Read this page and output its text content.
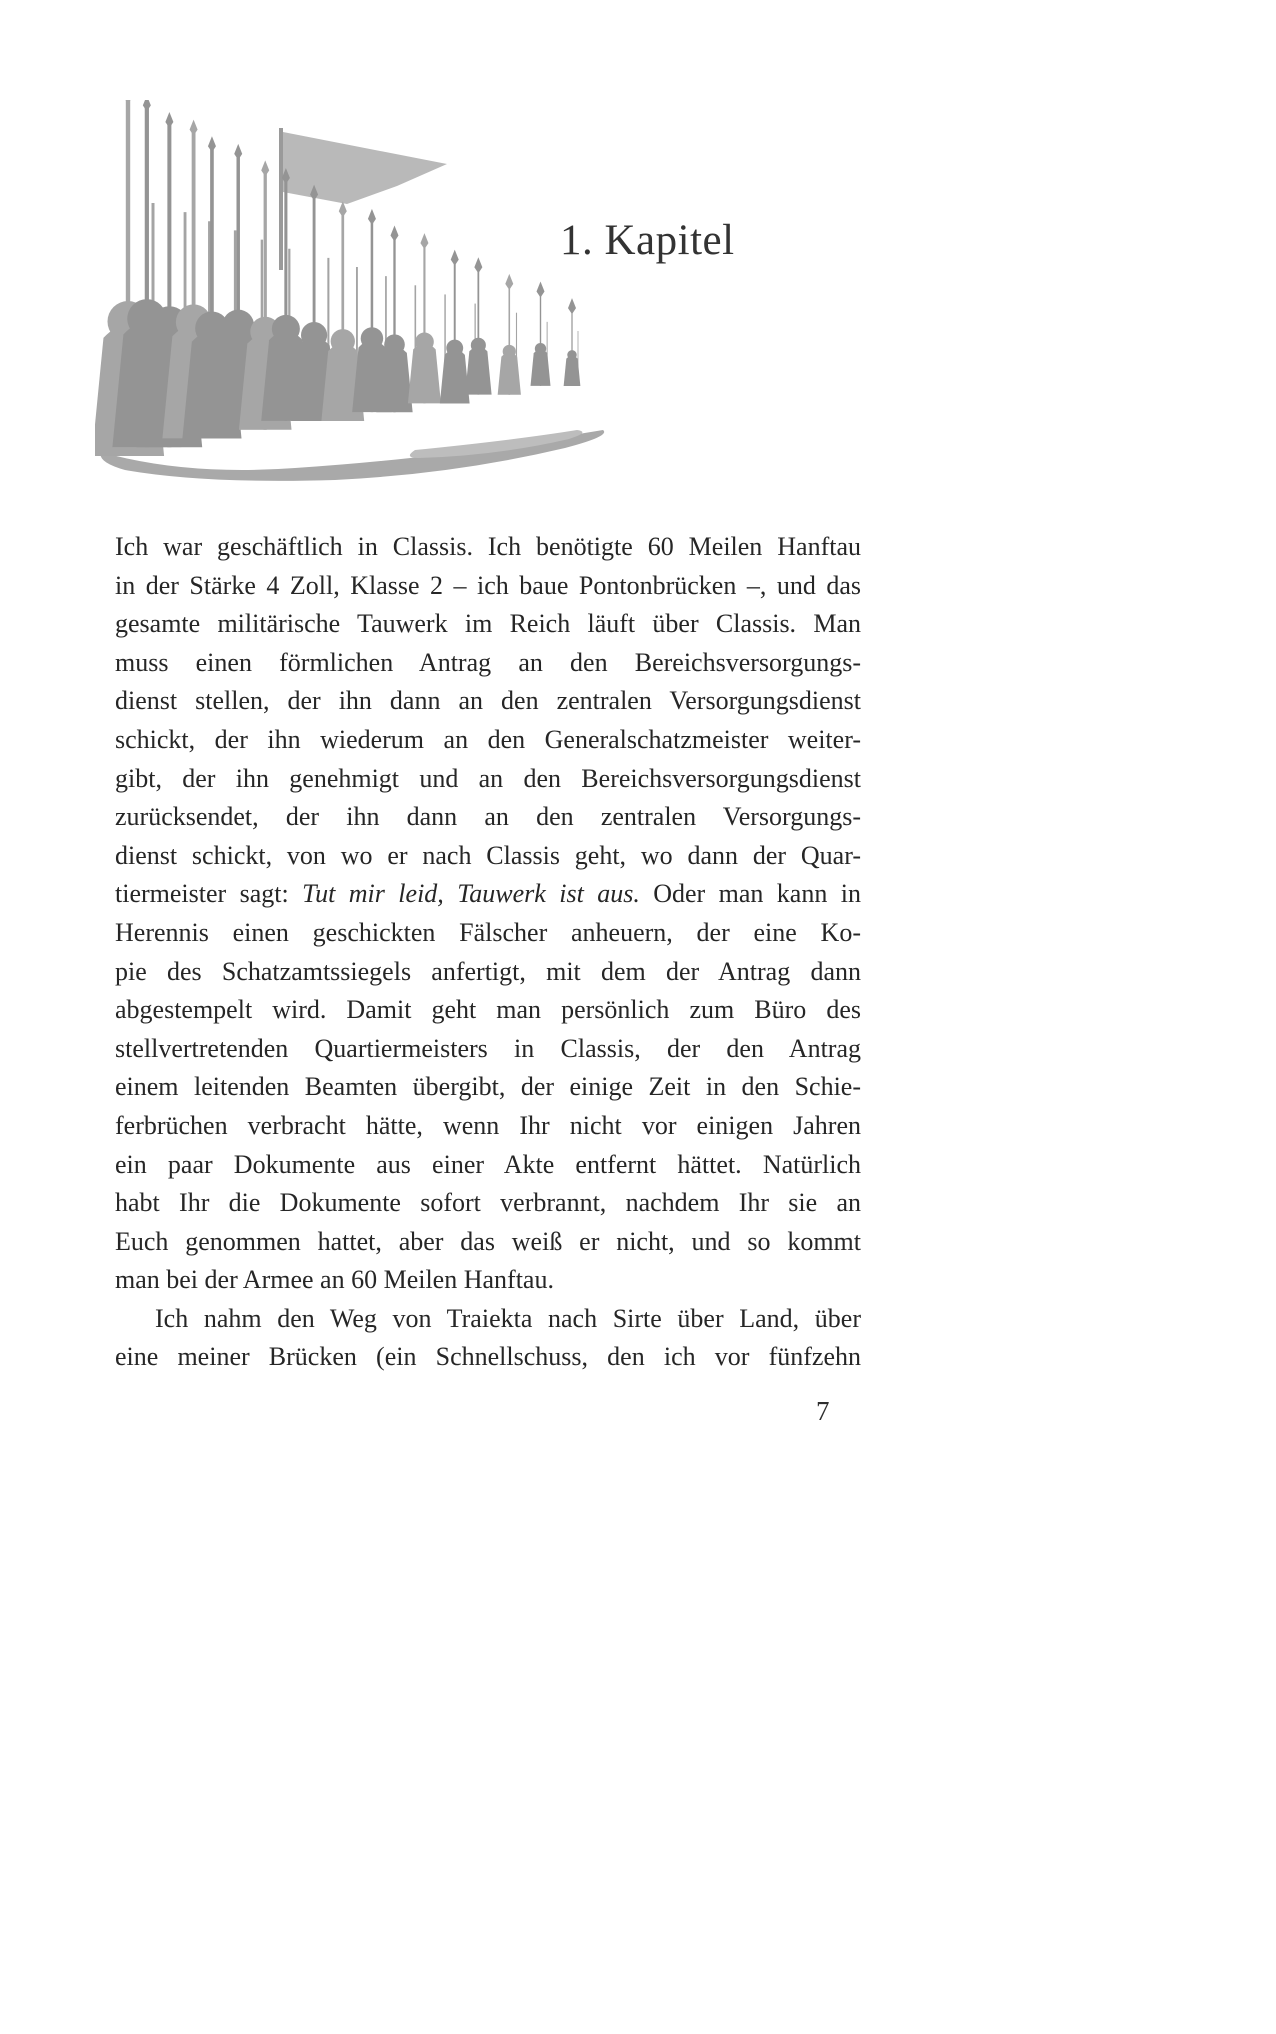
1. Kapitel
Ich war geschäftlich in Classis. Ich benötigte 60 Meilen Hanftau
in der Stärke 4 Zoll, Klasse 2 – ich baue Pontonbrücken –, und das
gesamte militärische Tauwerk im Reich läuft über Classis. Man
muss einen förmlichen Antrag an den Bereichsversorgungs-
dienst stellen, der ihn dann an den zentralen Versorgungsdienst
schickt, der ihn wiederum an den Generalschatzmeister weiter-
gibt, der ihn genehmigt und an den Bereichsversorgungsdienst
zurücksendet, der ihn dann an den zentralen Versorgungs-
dienst schickt, von wo er nach Classis geht, wo dann der Quar-
tiermeister sagt: Tut mir leid, Tauwerk ist aus. Oder man kann in
Herennis einen geschickten Fälscher anheuern, der eine Ko-
pie des Schatzamtssiegels anfertigt, mit dem der Antrag dann
abgestempelt wird. Damit geht man persönlich zum Büro des
stellvertretenden Quartiermeisters in Classis, der den Antrag
einem leitenden Beamten übergibt, der einige Zeit in den Schie-
ferbrüchen verbracht hätte, wenn Ihr nicht vor einigen Jahren
ein paar Dokumente aus einer Akte entfernt hättet. Natürlich
habt Ihr die Dokumente sofort verbrannt, nachdem Ihr sie an
Euch genommen hattet, aber das weiß er nicht, und so kommt
man bei der Armee an 60 Meilen Hanftau.
Ich nahm den Weg von Traiekta nach Sirte über Land, über
eine meiner Brücken (ein Schnellschuss, den ich vor fünfzehn
7
